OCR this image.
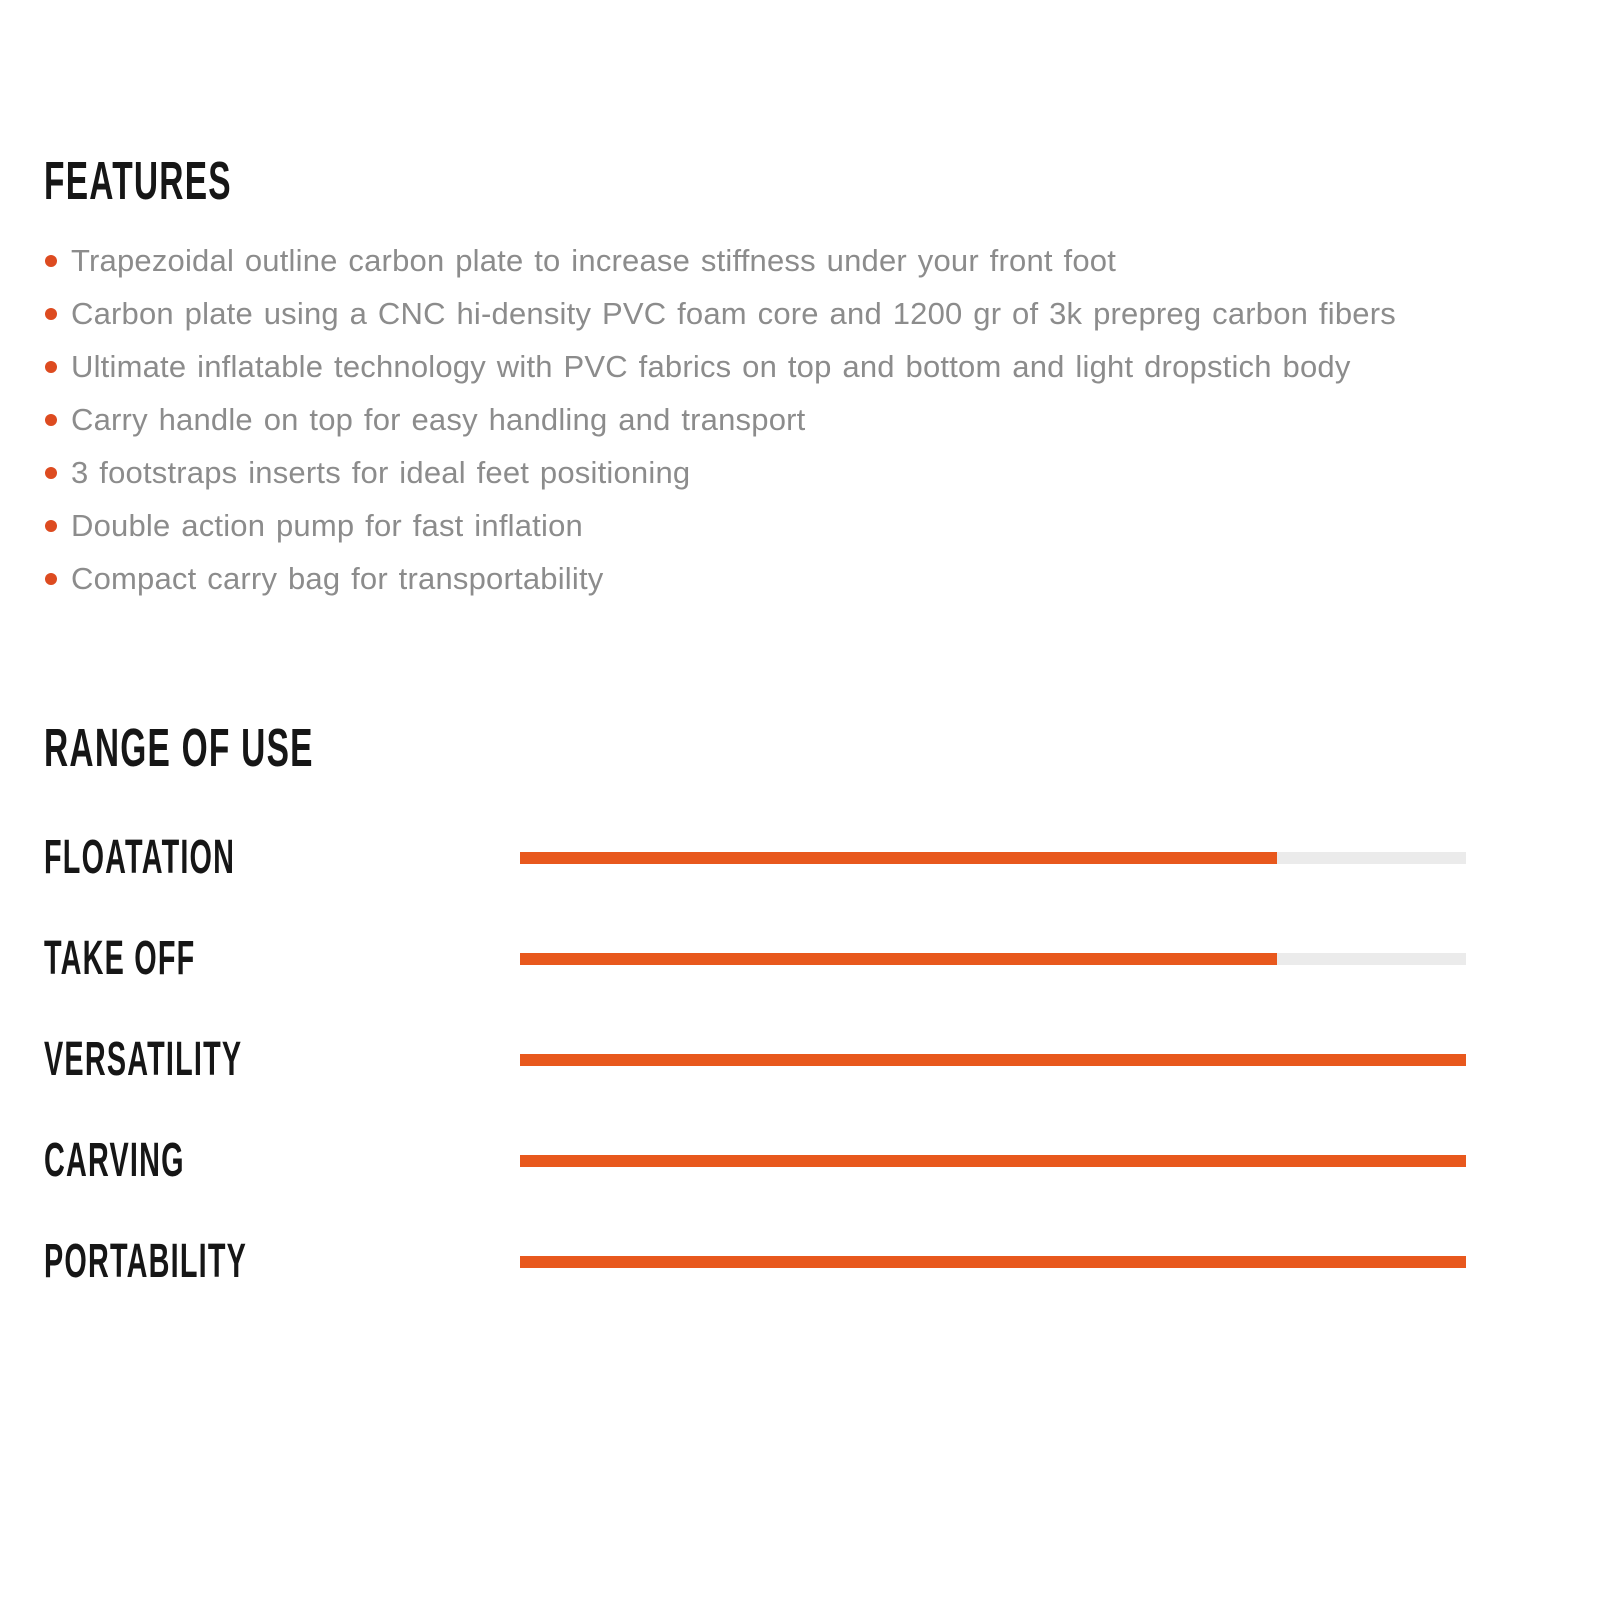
FEATURES
Trapezoidal outline carbon plate to increase stiffness under your front foot
Carbon plate using a CNC hi-density PVC foam core and 1200 gr of 3k prepreg carbon fibers
Ultimate inflatable technology with PVC fabrics on top and bottom and light dropstich body
Carry handle on top for easy handling and transport
3 footstraps inserts for ideal feet positioning
Double action pump for fast inflation
Compact carry bag for transportability
RANGE OF USE
FLOATATION
TAKE OFF
VERSATILITY
CARVING
PORTABILITY
